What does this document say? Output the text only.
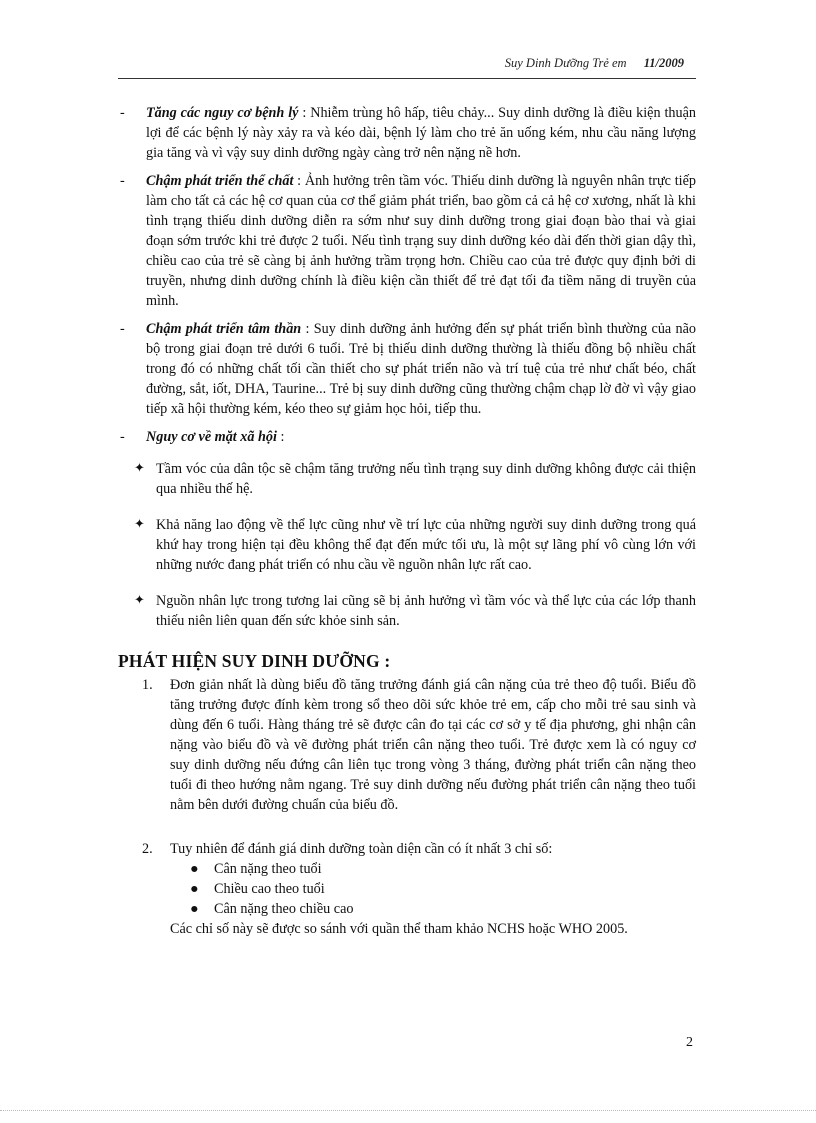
Suy Dinh Dưỡng Trẻ em 11/2009
- Tăng các nguy cơ bệnh lý : Nhiễm trùng hô hấp, tiêu chảy... Suy dinh dưỡng là điều kiện thuận lợi để các bệnh lý này xảy ra và kéo dài, bệnh lý làm cho trẻ ăn uống kém, nhu cầu năng lượng gia tăng và vì vậy suy dinh dưỡng ngày càng trở nên nặng nề hơn.
- Chậm phát triển thể chất : Ảnh hưởng trên tầm vóc. Thiếu dinh dưỡng là nguyên nhân trực tiếp làm cho tất cả các hệ cơ quan của cơ thể giảm phát triển, bao gồm cả cả hệ cơ xương, nhất là khi tình trạng thiếu dinh dưỡng diễn ra sớm như suy dinh dưỡng trong giai đoạn bào thai và giai đoạn sớm trước khi trẻ được 2 tuổi. Nếu tình trạng suy dinh dưỡng kéo dài đến thời gian dậy thì, chiều cao của trẻ sẽ càng bị ảnh hưởng trầm trọng hơn. Chiều cao của trẻ được quy định bởi di truyền, nhưng dinh dưỡng chính là điều kiện cần thiết để trẻ đạt tối đa tiềm năng di truyền của mình.
- Chậm phát triển tâm thần : Suy dinh dưỡng ảnh hưởng đến sự phát triển bình thường của não bộ trong giai đoạn trẻ dưới 6 tuổi. Trẻ bị thiếu dinh dưỡng thường là thiếu đồng bộ nhiều chất trong đó có những chất tối cần thiết cho sự phát triển não và trí tuệ của trẻ như chất béo, chất đường, sắt, iốt, DHA, Taurine... Trẻ bị suy dinh dưỡng cũng thường chậm chạp lờ đờ vì vậy giao tiếp xã hội thường kém, kéo theo sự giảm học hỏi, tiếp thu.
- Nguy cơ về mặt xã hội :
✦ Tầm vóc của dân tộc sẽ chậm tăng trưởng nếu tình trạng suy dinh dưỡng không được cải thiện qua nhiều thế hệ.
✦ Khả năng lao động về thể lực cũng như về trí lực của những người suy dinh dưỡng trong quá khứ hay trong hiện tại đều không thể đạt đến mức tối ưu, là một sự lãng phí vô cùng lớn với những nước đang phát triển có nhu cầu về nguồn nhân lực rất cao.
✦ Nguồn nhân lực trong tương lai cũng sẽ bị ảnh hưởng vì tầm vóc và thể lực của các lớp thanh thiếu niên liên quan đến sức khỏe sinh sản.
PHÁT HIỆN SUY DINH DƯỠNG :
1. Đơn giản nhất là dùng biểu đồ tăng trưởng đánh giá cân nặng của trẻ theo độ tuổi. Biểu đồ tăng trưởng được đính kèm trong sổ theo dõi sức khỏe trẻ em, cấp cho mỗi trẻ sau sinh và dùng đến 6 tuổi. Hàng tháng trẻ sẽ được cân đo tại các cơ sở y tế địa phương, ghi nhận cân nặng vào biểu đồ và vẽ đường phát triển cân nặng theo tuổi. Trẻ được xem là có nguy cơ suy dinh dưỡng nếu đứng cân liên tục trong vòng 3 tháng, đường phát triển cân nặng theo tuổi đi theo hướng nằm ngang. Trẻ suy dinh dưỡng nếu đường phát triển cân nặng theo tuổi nằm bên dưới đường chuẩn của biểu đồ.
2. Tuy nhiên để đánh giá dinh dưỡng toàn diện cần có ít nhất 3 chỉ số:
● Cân nặng theo tuổi
● Chiều cao theo tuổi
● Cân nặng theo chiều cao
Các chỉ số này sẽ được so sánh với quần thể tham khảo NCHS hoặc WHO 2005.
2
